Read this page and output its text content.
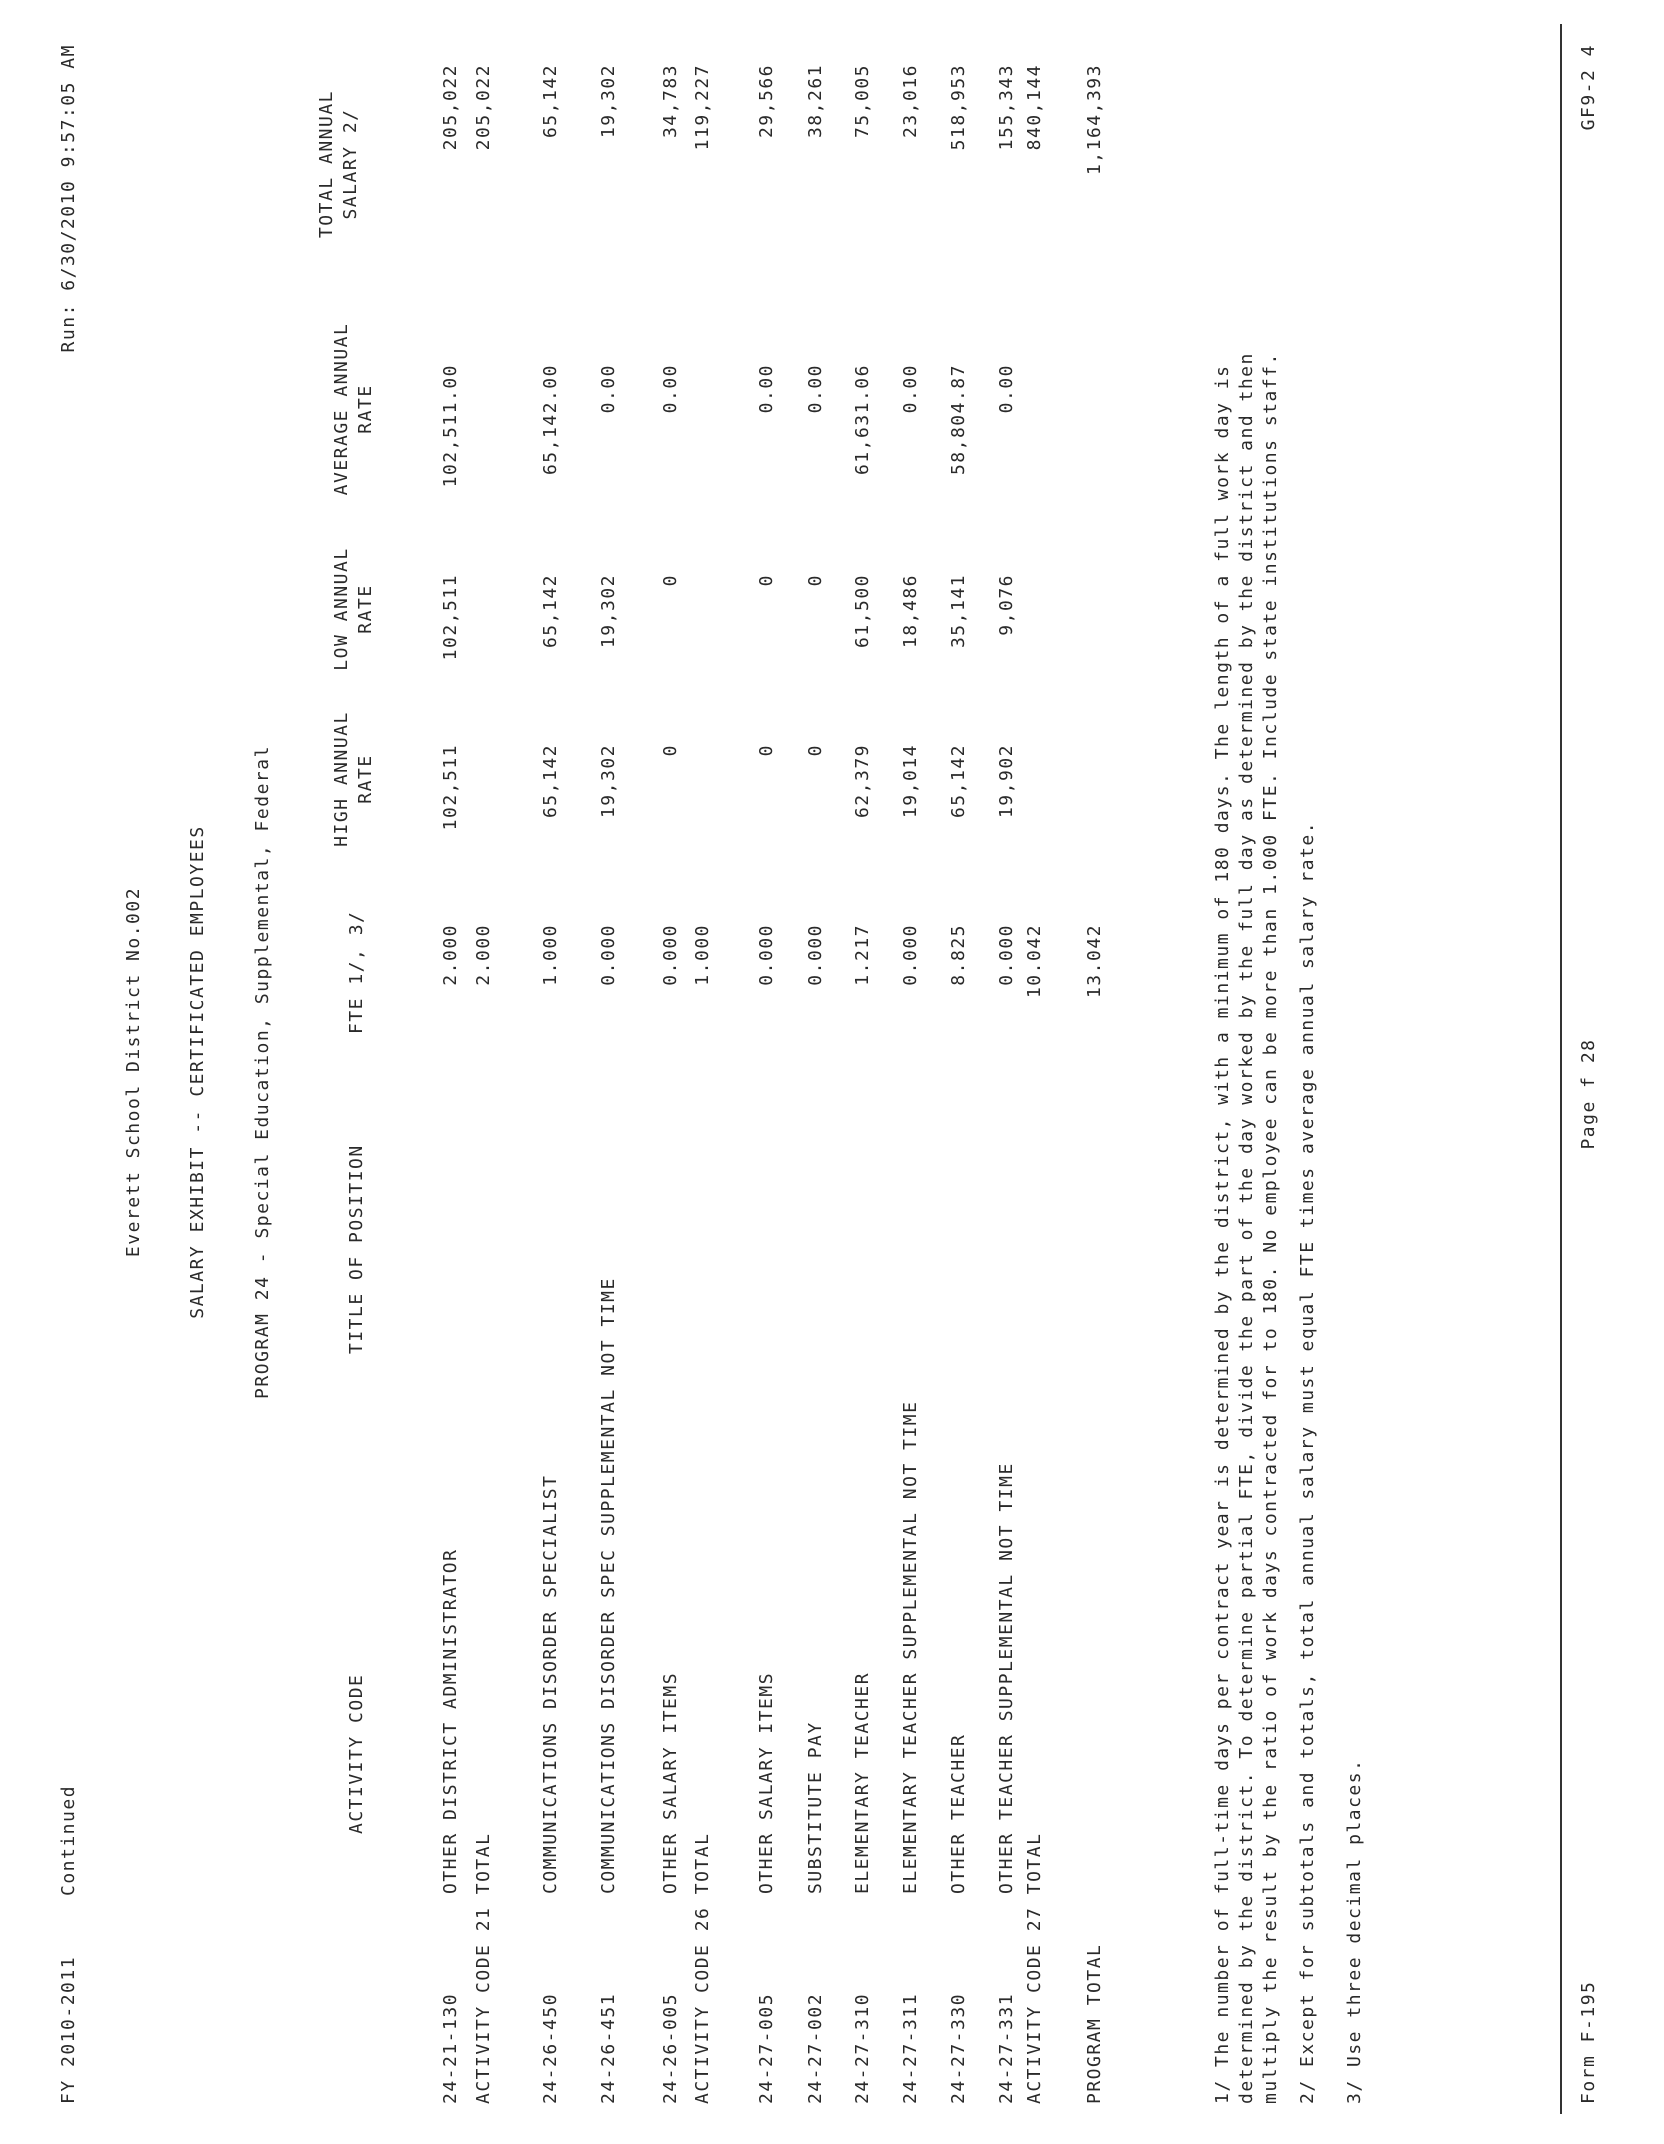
FY 2010-2011
Continued
Run: 6/30/2010 9:57:05 AM
Everett School District No.002 SALARY EXHIBIT -- CERTIFICATED EMPLOYEES PROGRAM 24 - Special Education, Supplemental, Federal
ACTIVITY CODE
TITLE OF POSITION
FTE 1/, 3/
HIGH ANNUAL RATE
LOW ANNUAL RATE
AVERAGE ANNUAL RATE
TOTAL ANNUAL SALARY 2/
24-21-130
OTHER DISTRICT ADMINISTRATOR
2.000
102,511
102,511
102,511.00
205,022
ACTIVITY CODE 21 TOTAL
2.000
205,022
24-26-450
COMMUNICATIONS DISORDER SPECIALIST
1.000
65,142
65,142
65,142.00
65,142
24-26-451
COMMUNICATIONS DISORDER SPEC SUPPLEMENTAL NOT TIME
0.000
19,302
19,302
0.00
19,302
24-26-005
OTHER SALARY ITEMS
0.000
0
0
0.00
34,783
ACTIVITY CODE 26 TOTAL
1.000
119,227
24-27-005
OTHER SALARY ITEMS
0.000
0
0
0.00
29,566
24-27-002
SUBSTITUTE PAY
0.000
0
0
0.00
38,261
24-27-310
ELEMENTARY TEACHER
1.217
62,379
61,500
61,631.06
75,005
24-27-311
ELEMENTARY TEACHER SUPPLEMENTAL NOT TIME
0.000
19,014
18,486
0.00
23,016
24-27-330
OTHER TEACHER
8.825
65,142
35,141
58,804.87
518,953
24-27-331
OTHER TEACHER SUPPLEMENTAL NOT TIME
0.000
19,902
9,076
0.00
155,343
ACTIVITY CODE 27 TOTAL
10.042
840,144
PROGRAM TOTAL
13.042
1,164,393
1/ The number of full-time days per contract year is determined by the district, with a minimum of 180 days. The length of a full work day is determined by the district. To determine partial FTE, divide the part of the day worked by the full day as determined by the district and then multiply the result by the ratio of work days contracted for to 180. No employee can be more than 1.000 FTE. Include state institutions staff. 2/ Except for subtotals and totals, total annual salary must equal FTE times average annual salary rate. 3/ Use three decimal places.	Form F-195
Page f 28
GF9-2 4
